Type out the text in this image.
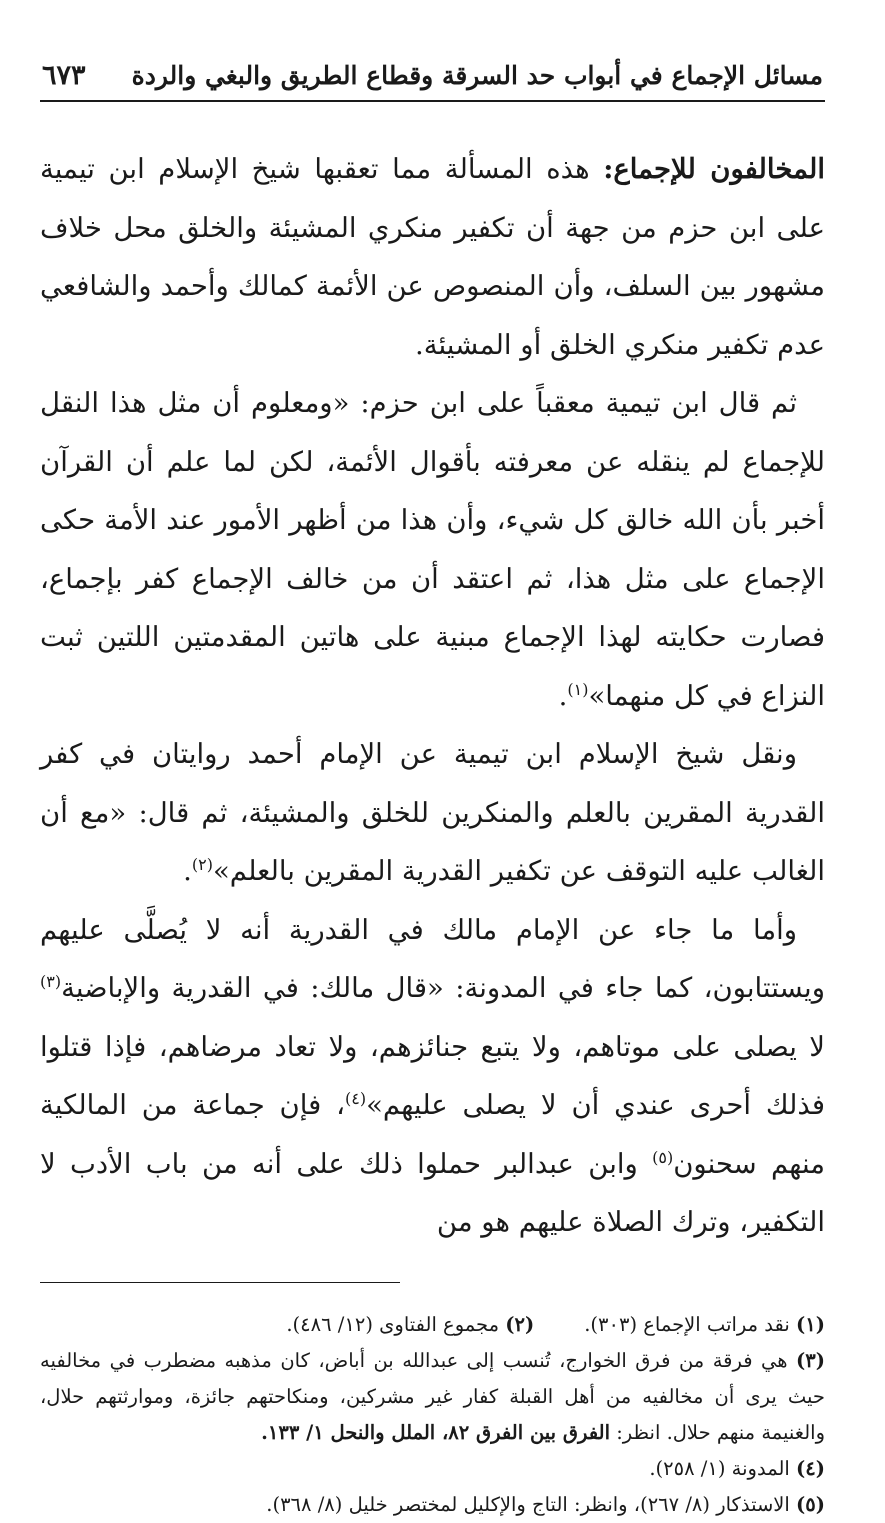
مسائل الإجماع في أبواب حد السرقة وقطاع الطريق والبغي والردة
٦٧٣

المخالفون للإجماع: هذه المسألة مما تعقبها شيخ الإسلام ابن تيمية على ابن حزم من جهة أن تكفير منكري المشيئة والخلق محل خلاف مشهور بين السلف، وأن المنصوص عن الأئمة كمالك وأحمد والشافعي عدم تكفير منكري الخلق أو المشيئة.

ثم قال ابن تيمية معقباً على ابن حزم: «ومعلوم أن مثل هذا النقل للإجماع لم ينقله عن معرفته بأقوال الأئمة، لكن لما علم أن القرآن أخبر بأن الله خالق كل شيء، وأن هذا من أظهر الأمور عند الأمة حكى الإجماع على مثل هذا، ثم اعتقد أن من خالف الإجماع كفر بإجماع، فصارت حكايته لهذا الإجماع مبنية على هاتين المقدمتين اللتين ثبت النزاع في كل منهما»$^{(١)}$.

ونقل شيخ الإسلام ابن تيمية عن الإمام أحمد روايتان في كفر القدرية المقرين بالعلم والمنكرين للخلق والمشيئة، ثم قال: «مع أن الغالب عليه التوقف عن تكفير القدرية المقرين بالعلم»$^{(٢)}$.

وأما ما جاء عن الإمام مالك في القدرية أنه لا يُصلَّى عليهم ويستتابون، كما جاء في المدونة: «قال مالك: في القدرية والإباضية$^{(٣)}$ لا يصلى على موتاهم، ولا يتبع جنائزهم، ولا تعاد مرضاهم، فإذا قتلوا فذلك أحرى عندي أن لا يصلى عليهم»$^{(٤)}$، فإن جماعة من المالكية منهم سحنون$^{(٥)}$ وابن عبدالبر حملوا ذلك على أنه من باب الأدب لا التكفير، وترك الصلاة عليهم هو من

(١) نقد مراتب الإجماع (٣٠٣).

(٢) مجموع الفتاوى (١٢/ ٤٨٦).

(٣) هي فرقة من فرق الخوارج، تُنسب إلى عبدالله بن أباض، كان مذهبه مضطرب في مخالفيه حيث يرى أن مخالفيه من أهل القبلة كفار غير مشركين، ومنكاحتهم جائزة، وموارثتهم حلال، والغنيمة منهم حلال. انظر: الفرق بين الفرق ٨٢، الملل والنحل ١/ ١٣٣.

(٤) المدونة (١/ ٢٥٨).

(٥) الاستذكار (٨/ ٢٦٧)، وانظر: التاج والإكليل لمختصر خليل (٨/ ٣٦٨).
